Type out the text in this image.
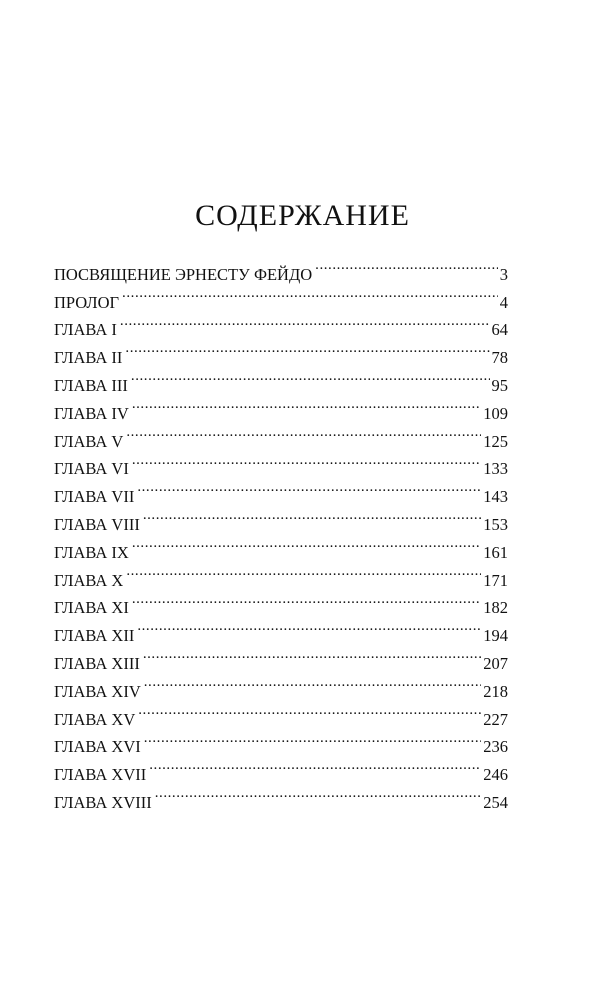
СОДЕРЖАНИЕ
ПОСВЯЩЕНИЕ ЭРНЕСТУ ФЕЙДО . . .	3
ПРОЛОГ . . .	4
ГЛАВА I . . .	64
ГЛАВА II . . .	78
ГЛАВА III . . .	95
ГЛАВА IV . . .	109
ГЛАВА V . . .	125
ГЛАВА VI . . .	133
ГЛАВА VII . . .	143
ГЛАВА VIII . . .	153
ГЛАВА IX . . .	161
ГЛАВА X . . .	171
ГЛАВА XI . . .	182
ГЛАВА XII . . .	194
ГЛАВА XIII . . .	207
ГЛАВА XIV . . .	218
ГЛАВА XV . . .	227
ГЛАВА XVI . . .	236
ГЛАВА XVII . . .	246
ГЛАВА XVIII . . .	254
